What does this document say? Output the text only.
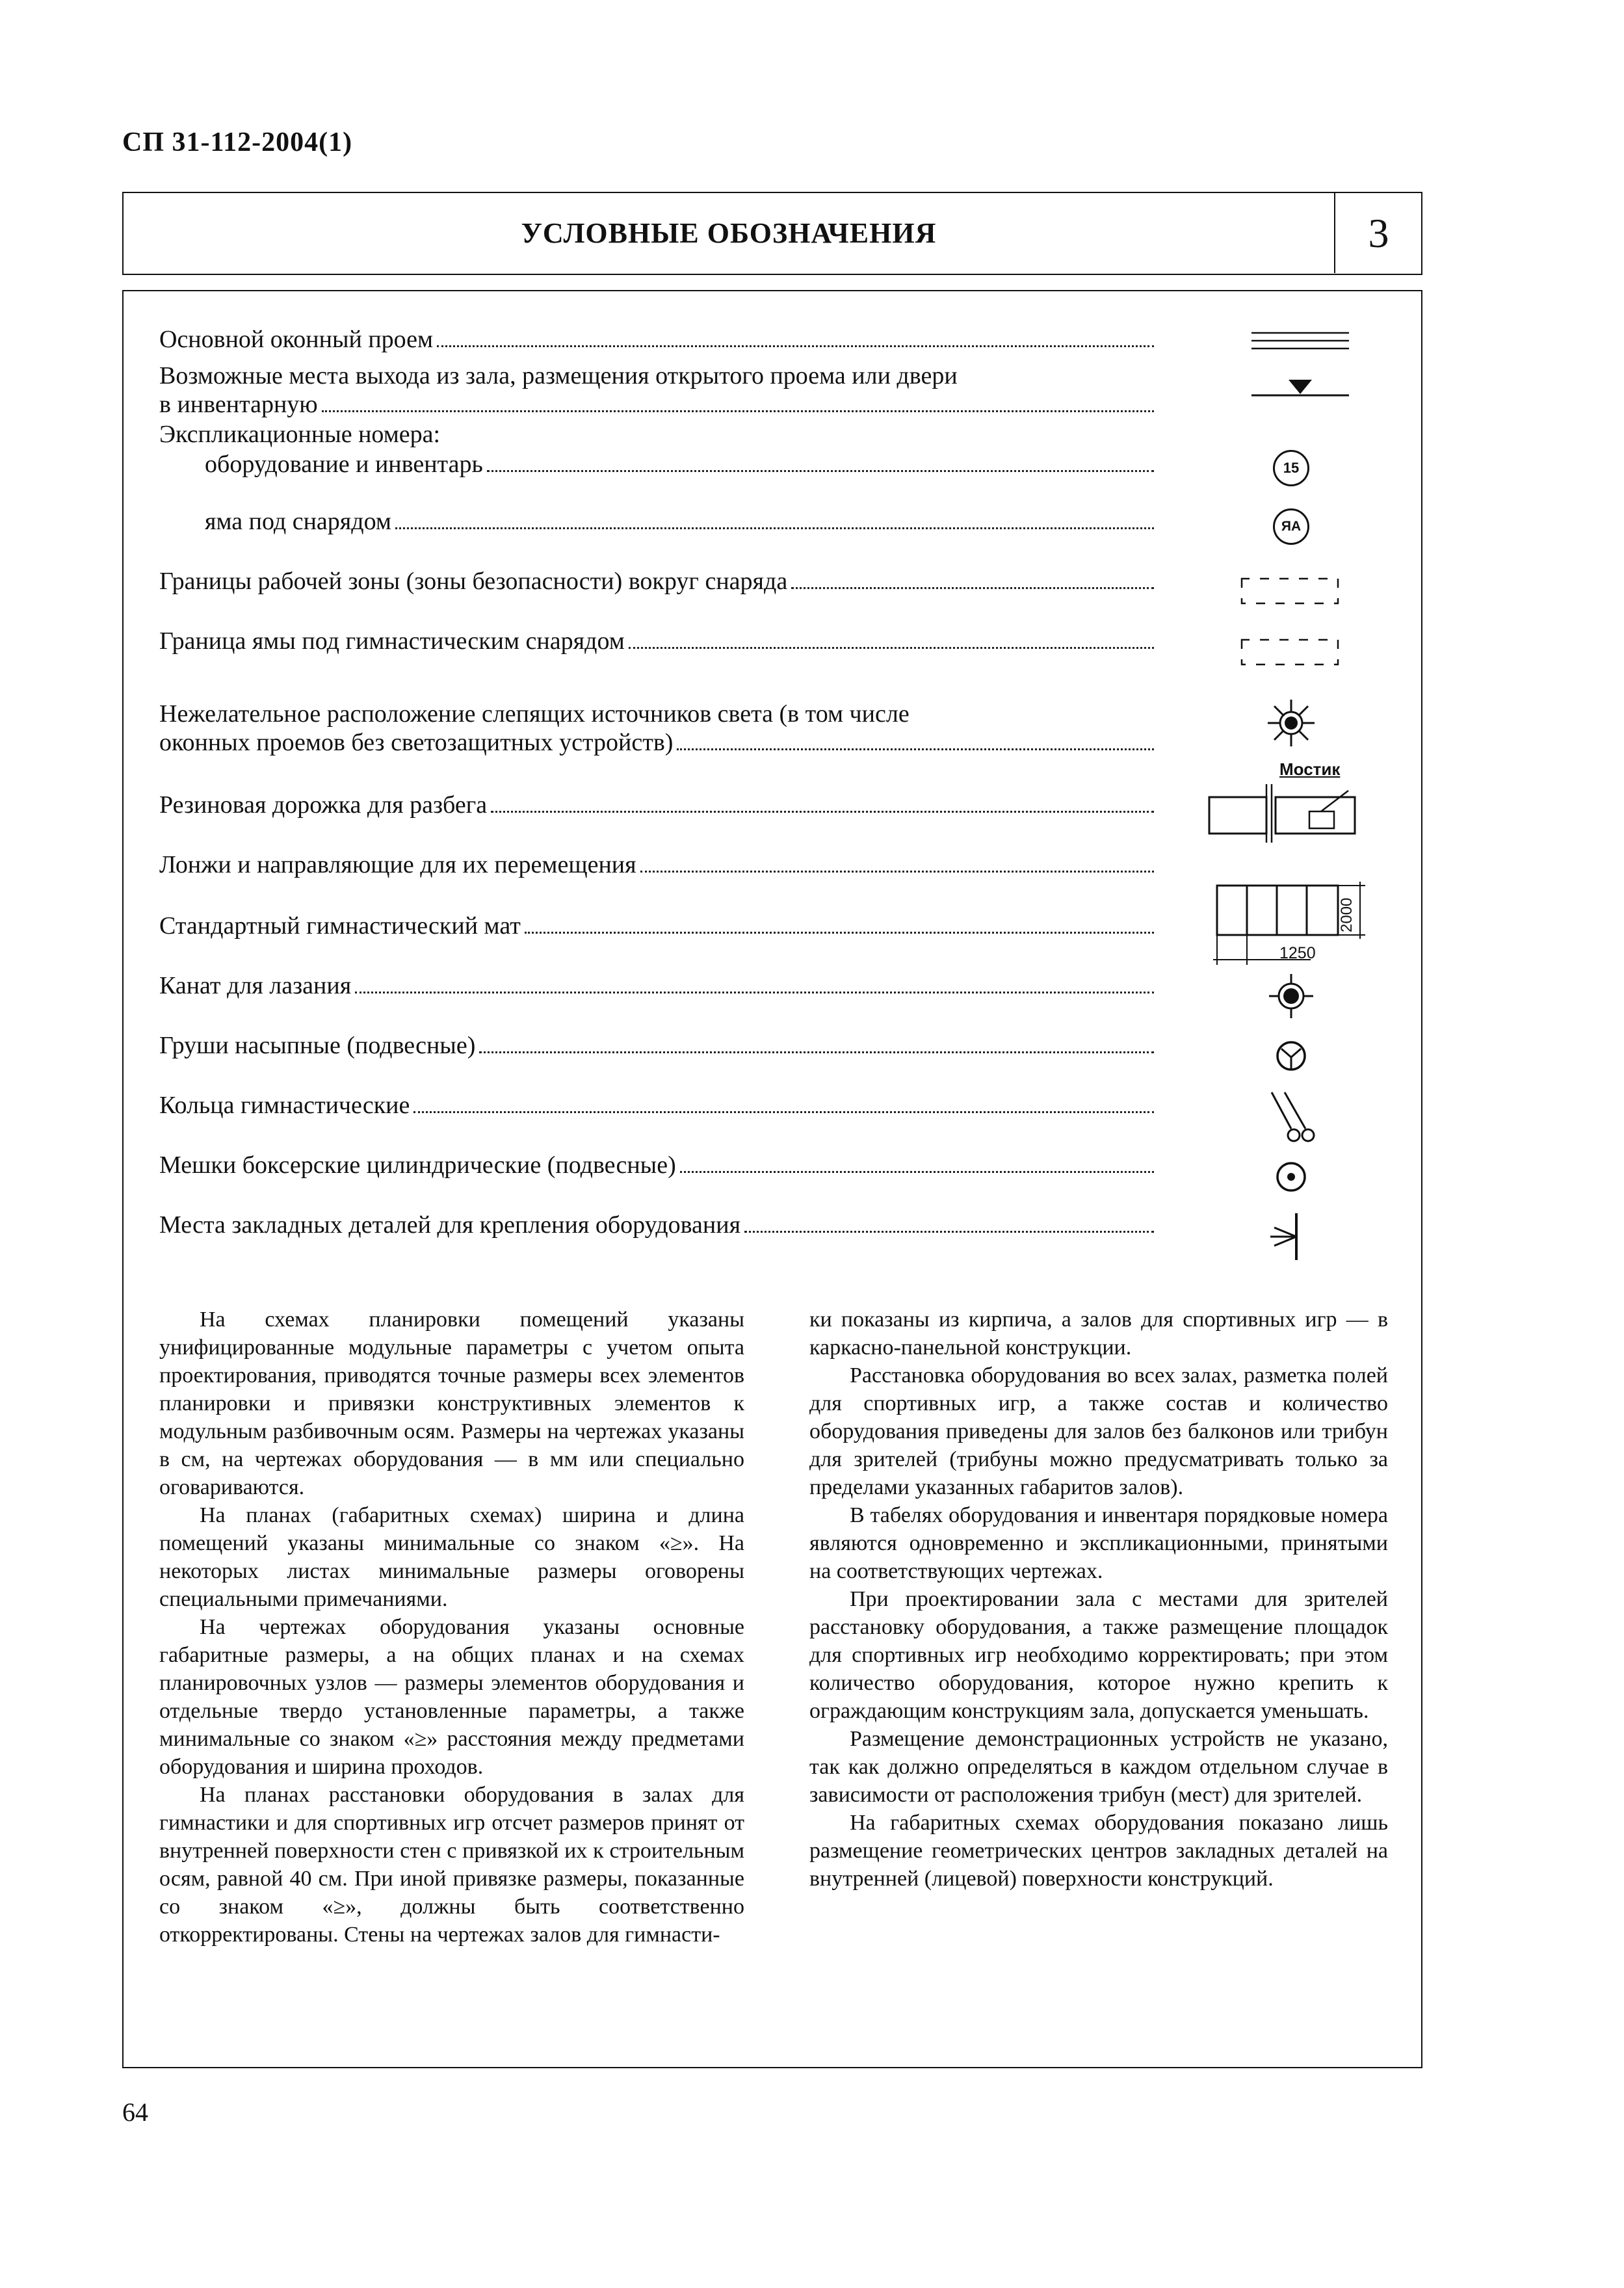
СП 31-112-2004(1)
УСЛОВНЫЕ ОБОЗНАЧЕНИЯ	3
Основной оконный проем
Возможные места выхода из зала, размещения открытого проема или двери
в инвентарную
Экспликационные номера:
оборудование и инвентарь
яма под снарядом
Границы рабочей зоны (зоны безопасности) вокруг снаряда
Граница ямы под гимнастическим снарядом
Нежелательное расположение слепящих источников света (в том числе
оконных проемов без светозащитных устройств)
Резиновая дорожка для разбега
Лонжи и направляющие для их перемещения
Стандартный гимнастический мат
Канат для лазания
Груши насыпные (подвесные)
Кольца гимнастические
Мешки боксерские цилиндрические (подвесные)
Места закладных деталей для крепления оборудования
15
ЯА
Мостик
2000
1250

На схемах планировки помещений указаны унифицированные модульные параметры с учетом опыта проектирования, приводятся точные размеры всех элементов планировки и привязки конструктивных элементов к модульным разбивочным осям. Размеры на чертежах указаны в см, на чертежах оборудования — в мм или специально оговариваются.

На планах (габаритных схемах) ширина и длина помещений указаны минимальные со знаком «≥». На некоторых листах минимальные размеры оговорены специальными примечаниями.

На чертежах оборудования указаны основные габаритные размеры, а на общих планах и на схемах планировочных узлов — размеры элементов оборудования и отдельные твердо установленные параметры, а также минимальные со знаком «≥» расстояния между предметами оборудования и ширина проходов.

На планах расстановки оборудования в залах для гимнастики и для спортивных игр отсчет размеров принят от внутренней поверхности стен с привязкой их к строительным осям, равной 40 см. При иной привязке размеры, показанные со знаком «≥», должны быть соответственно откорректированы. Стены на чертежах залов для гимнасти-

ки показаны из кирпича, а залов для спортивных игр — в каркасно-панельной конструкции.

Расстановка оборудования во всех залах, разметка полей для спортивных игр, а также состав и количество оборудования приведены для залов без балконов или трибун для зрителей (трибуны можно предусматривать только за пределами указанных габаритов залов).

В табелях оборудования и инвентаря порядковые номера являются одновременно и экспликационными, принятыми на соответствующих чертежах.

При проектировании зала с местами для зрителей расстановку оборудования, а также размещение площадок для спортивных игр необходимо корректировать; при этом количество оборудования, которое нужно крепить к ограждающим конструкциям зала, допускается уменьшать.

Размещение демонстрационных устройств не указано, так как должно определяться в каждом отдельном случае в зависимости от расположения трибун (мест) для зрителей.

На габаритных схемах оборудования показано лишь размещение геометрических центров закладных деталей на внутренней (лицевой) поверхности конструкций.

64
